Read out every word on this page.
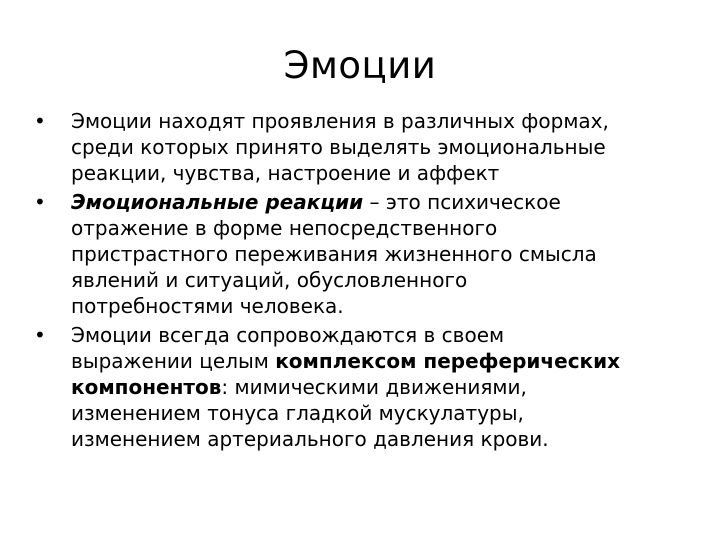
Эмоции
•	Эмоции находят проявления в различных формах,
среди которых принято выделять эмоциональные
реакции, чувства, настроение и аффект
•	Эмоциональные реакции – это психическое
отражение в форме непосредственного
пристрастного переживания жизненного смысла
явлений и ситуаций, обусловленного
потребностями человека.
•	Эмоции всегда сопровождаются в своем
выражении целым комплексом переферических
компонентов: мимическими движениями,
изменением тонуса гладкой мускулатуры,
изменением артериального давления крови.
